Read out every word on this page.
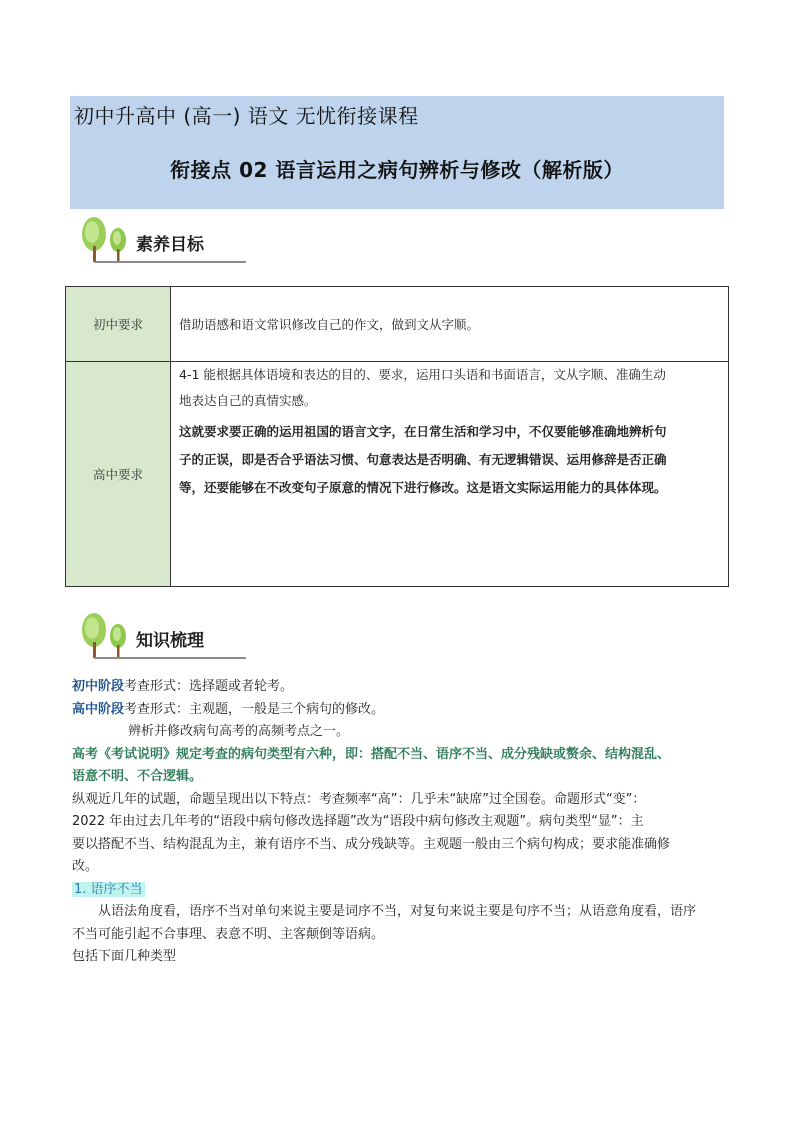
初中升高中 (高一) 语文 无忧衔接课程
衔接点 02 语言运用之病句辨析与修改（解析版）
素养目标
初中要求	借助语感和语文常识修改自己的作文，做到文从字顺。
高中要求	4-1 能根据具体语境和表达的目的、要求，运用口头语和书面语言，文从字顺、准确生动

地表达自己的真情实感。

这就要求要正确的运用祖国的语言文字，在日常生活和学习中，不仅要能够准确地辨析句

子的正误，即是否合乎语法习惯、句意表达是否明确、有无逻辑错误、运用修辞是否正确

等，还要能够在不改变句子原意的情况下进行修改。这是语文实际运用能力的具体体现。

知识梳理

初中阶段考查形式：选择题或者轮考。

高中阶段考查形式：主观题，一般是三个病句的修改。

辨析并修改病句高考的高频考点之一。

高考《考试说明》规定考查的病句类型有六种，即：搭配不当、语序不当、成分残缺或赘余、结构混乱、

语意不明、不合逻辑。

纵观近几年的试题，命题呈现出以下特点：考查频率“高”：几乎未“缺席”过全国卷。命题形式“变”：

2022 年由过去几年考的“语段中病句修改选择题”改为“语段中病句修改主观题”。病句类型“显”：主

要以搭配不当、结构混乱为主，兼有语序不当、成分残缺等。主观题一般由三个病句构成；要求能准确修

改。

1. 语序不当

从语法角度看，语序不当对单句来说主要是词序不当，对复句来说主要是句序不当；从语意角度看，语序

不当可能引起不合事理、表意不明、主客颠倒等语病。

包括下面几种类型
